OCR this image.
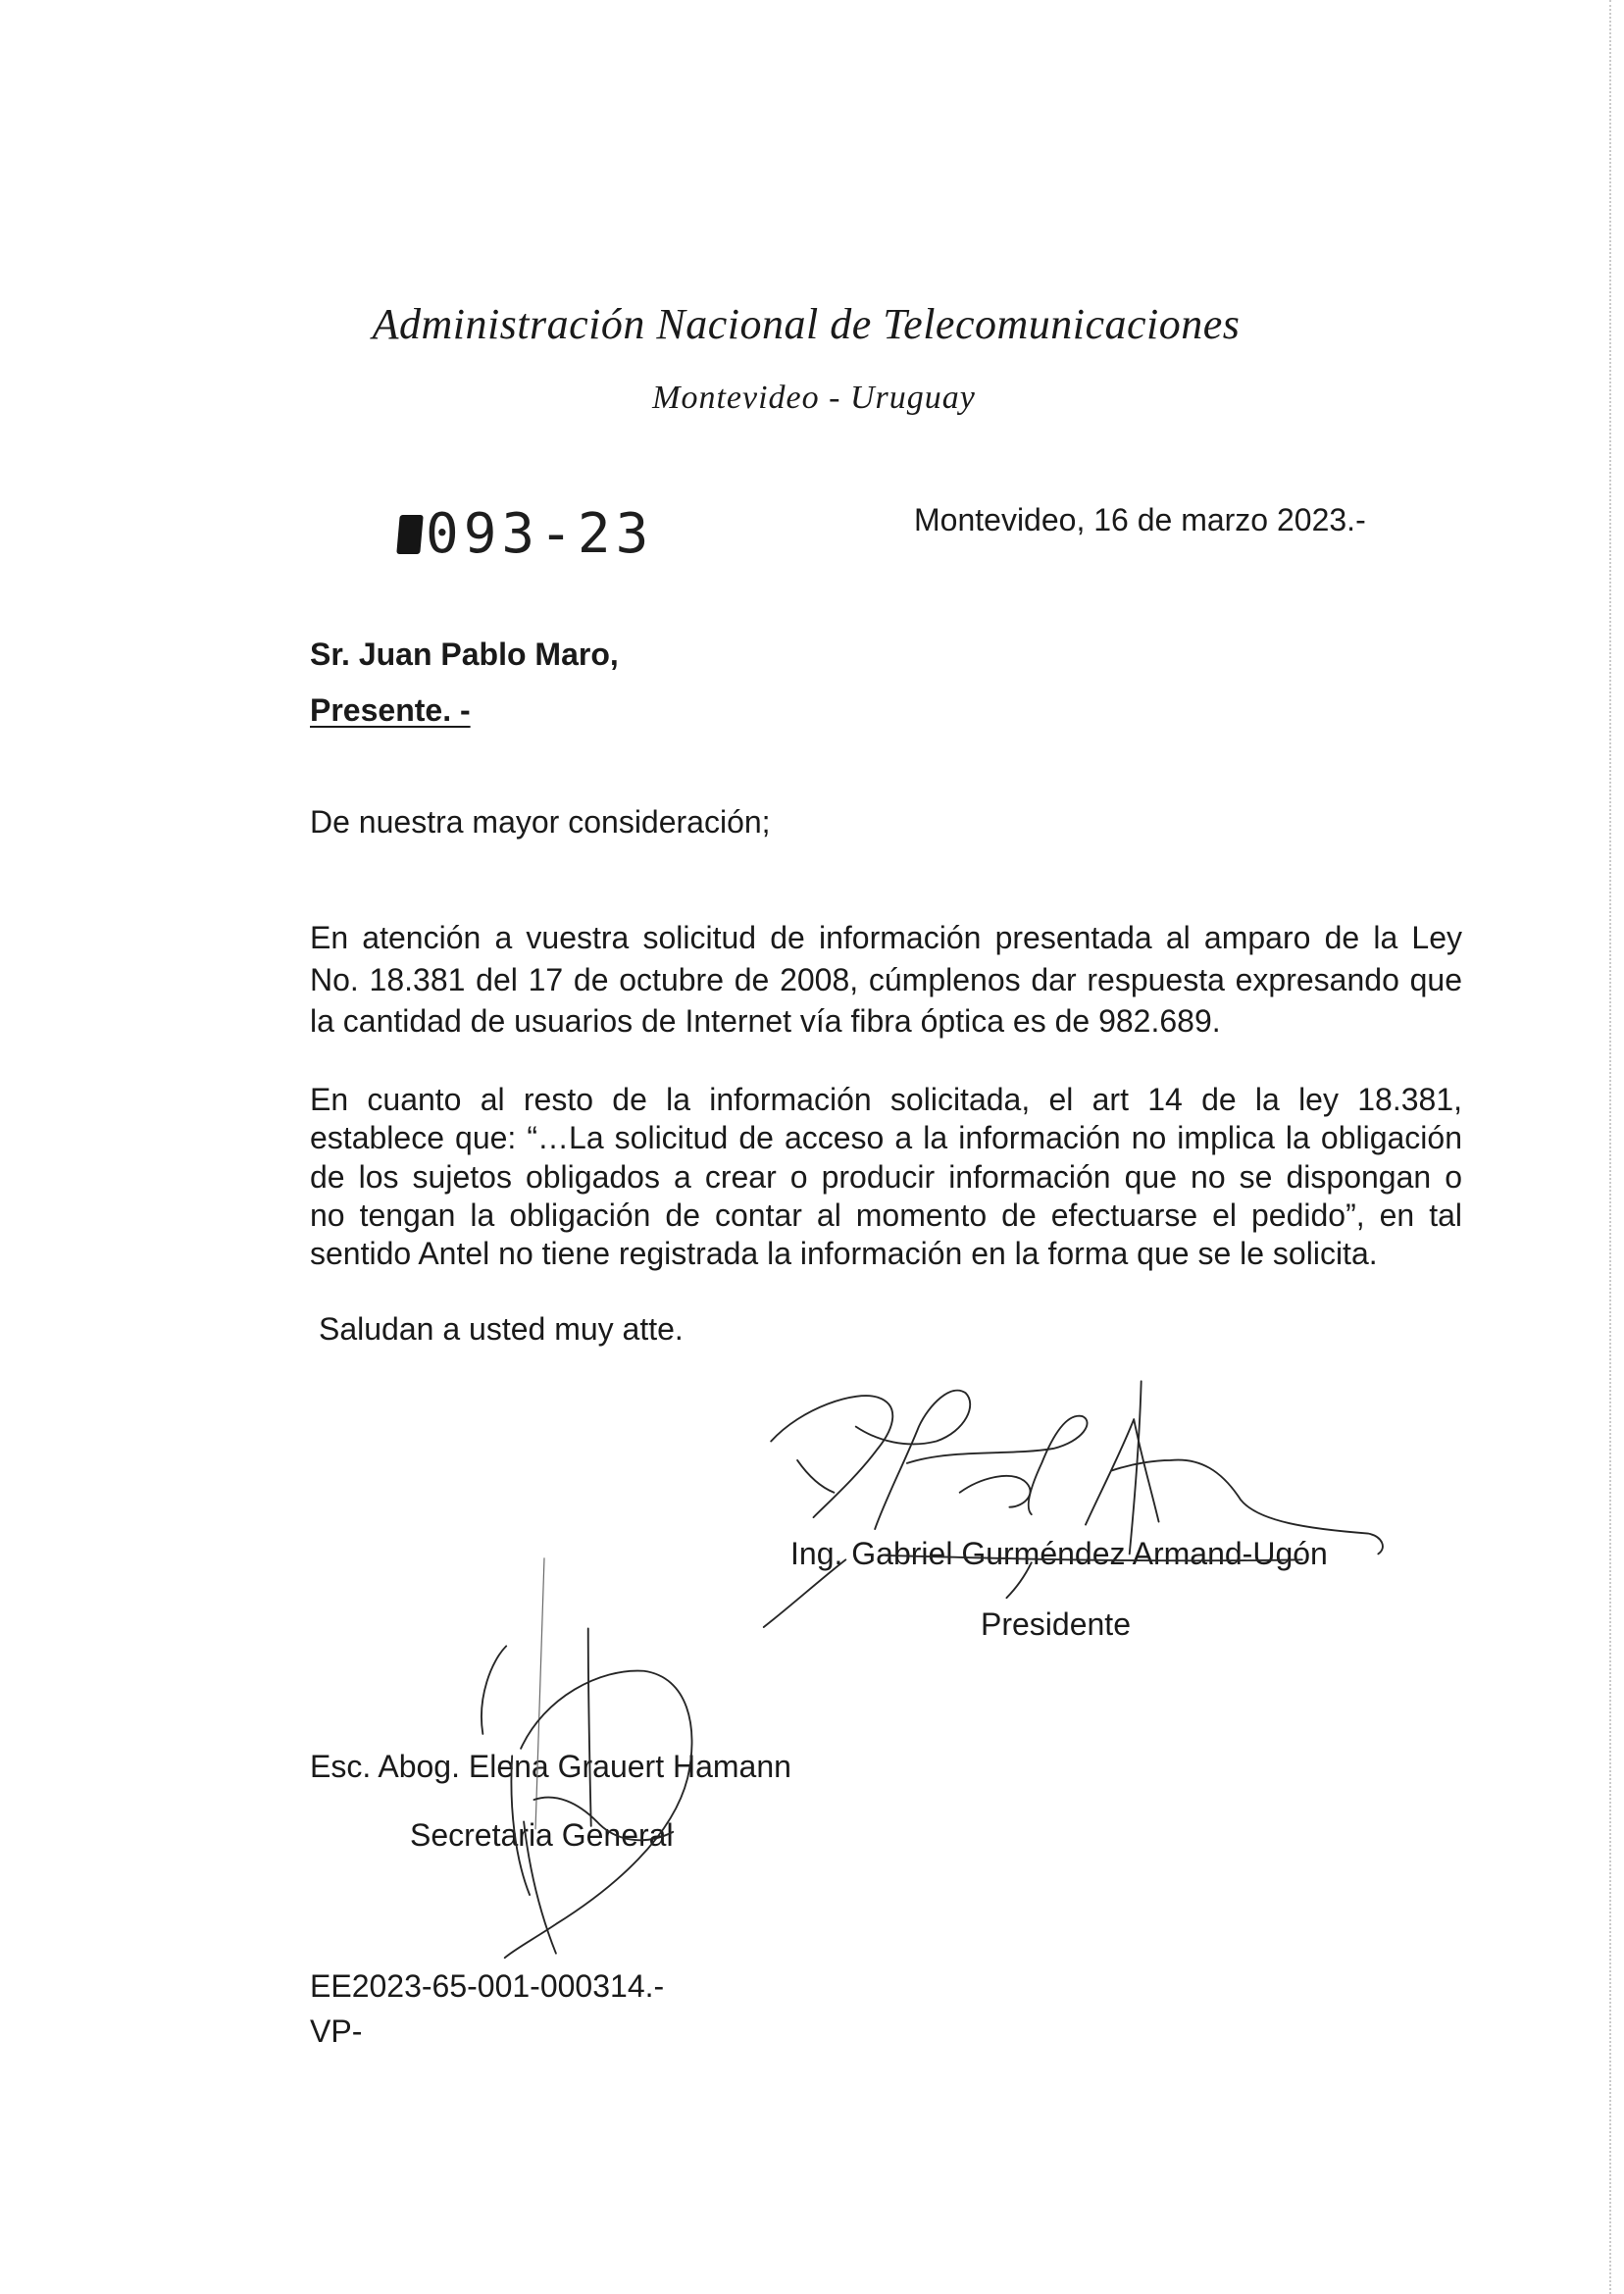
Administración Nacional de Telecomunicaciones
Montevideo - Uruguay
093-23	Montevideo, 16 de marzo 2023.-
Sr. Juan Pablo Maro,
Presente. -
De nuestra mayor consideración;
En atención a vuestra solicitud de información presentada al amparo de la Ley
No. 18.381 del 17 de octubre de 2008, cúmplenos dar respuesta expresando que
la cantidad de usuarios de Internet vía fibra óptica es de 982.689.
En cuanto al resto de la información solicitada, el art 14 de la ley 18.381,
establece que: “…La solicitud de acceso a la información no implica la obligación
de los sujetos obligados a crear o producir información que no se dispongan o
no tengan la obligación de contar al momento de efectuarse el pedido”, en tal
sentido Antel no tiene registrada la información en la forma que se le solicita.
Saludan a usted muy atte.
Ing. Gabriel Gurméndez Armand-Ugón
Presidente
Esc. Abog. Elena Grauert Hamann
Secretaria General
EE2023-65-001-000314.-
VP-
